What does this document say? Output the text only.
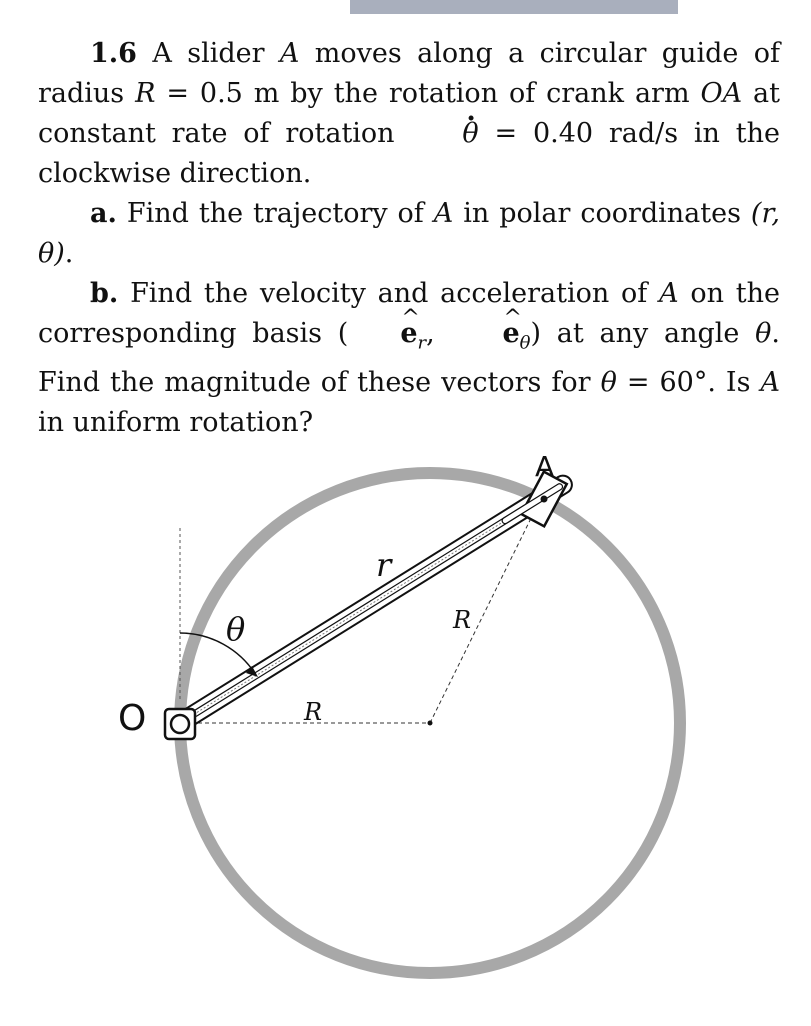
1.6 A slider A moves along a circular guide of radius R = 0.5 m by the rotation of crank arm OA at constant rate of rotation	. θ = 0.40 rad/s in the clockwise direction.

a. Find the trajectory of A in polar coordinates (r, θ).

b. Find the velocity and acceleration of A on the corresponding basis ( ^ $e_r$,	^ $e_\theta$) at any angle θ. Find the magnitude of these vectors for θ = 60°. Is A in uniform rotation?

O
A
r
θ
R
R
